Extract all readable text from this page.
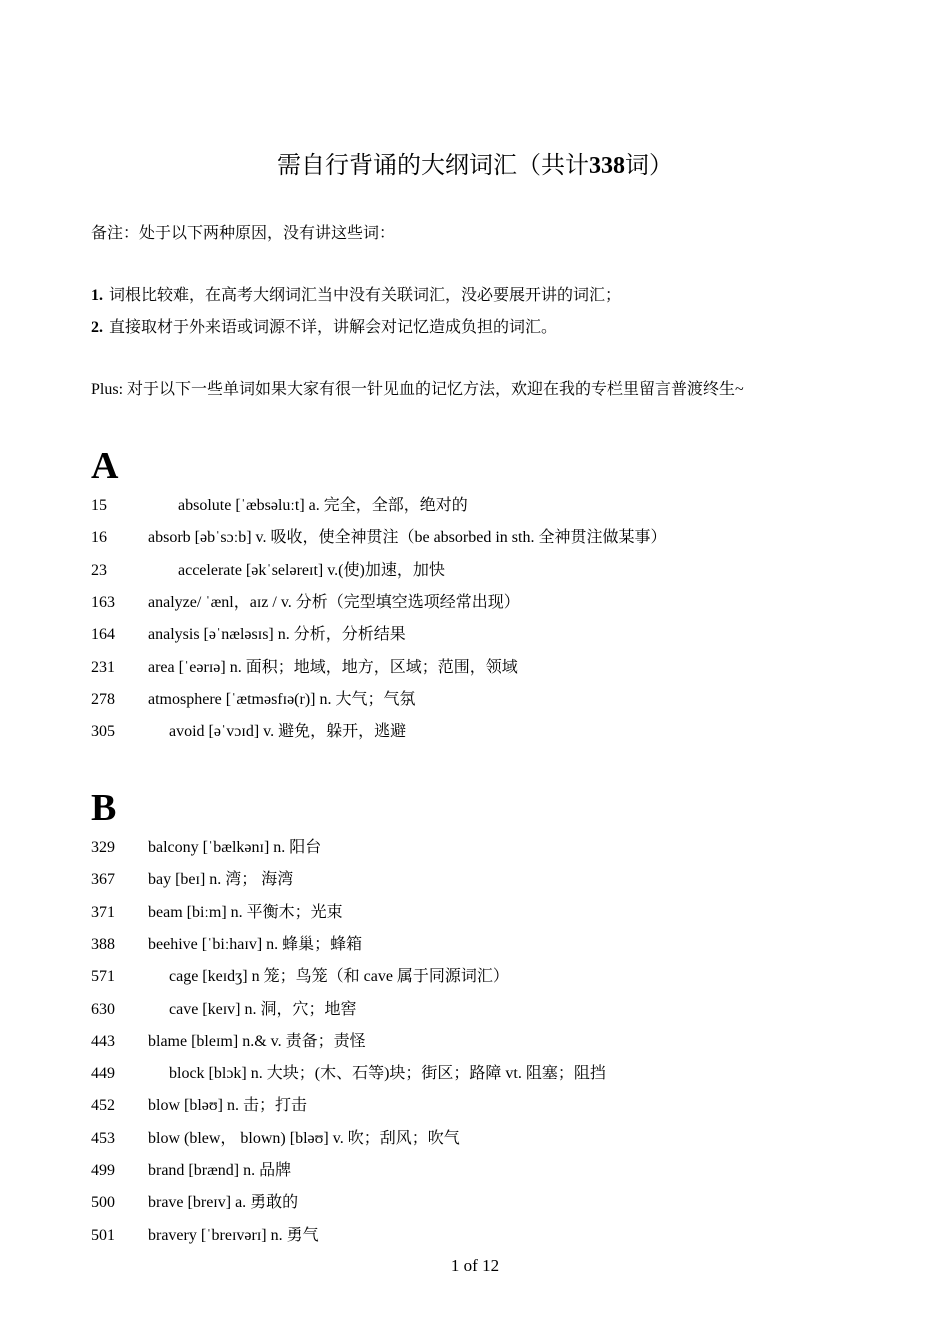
需自行背诵的大纲词汇（共计338词）
备注：处于以下两种原因，没有讲这些词：
1. 词根比较难，在高考大纲词汇当中没有关联词汇，没必要展开讲的词汇；
2. 直接取材于外来语或词源不详，讲解会对记忆造成负担的词汇。
Plus: 对于以下一些单词如果大家有很一针见血的记忆方法，欢迎在我的专栏里留言普渡终生~
A
15	absolute [ˈæbsəluːt] a. 完全，全部，绝对的
16	absorb [əbˈsɔːb] v. 吸收，使全神贯注（be absorbed in sth. 全神贯注做某事）
23	accelerate [əkˈseləreɪt] v.(使)加速，加快
163 analyze/ ˈænl，aɪz / v. 分析（完型填空选项经常出现）
164 analysis [əˈnæləsɪs] n. 分析，分析结果
231 area [ˈeərɪə] n. 面积；地域，地方，区域；范围，领域
278 atmosphere [ˈætməsfɪə(r)] n. 大气；气氛
305	avoid [əˈvɔɪd] v. 避免，躲开，逃避
B
329 balcony [ˈbælkənɪ] n. 阳台
367 bay [beɪ] n. 湾； 海湾
371 beam [biːm] n. 平衡木；光束
388 beehive [ˈbiːhaɪv] n. 蜂巢；蜂箱
571	cage [keɪdʒ] n 笼；鸟笼（和 cave 属于同源词汇）
630	cave [keɪv] n. 洞，穴；地窖
443 blame [bleɪm] n.& v. 责备；责怪
449	block [blɔk] n. 大块；(木、石等)块；街区；路障 vt. 阻塞；阻挡
452 blow [bləʊ] n. 击；打击
453 blow (blew， blown) [bləʊ] v. 吹；刮风；吹气
499 brand [brænd] n. 品牌
500 brave [breɪv] a. 勇敢的
501 bravery [ˈbreɪvərɪ] n. 勇气
1 of 12
